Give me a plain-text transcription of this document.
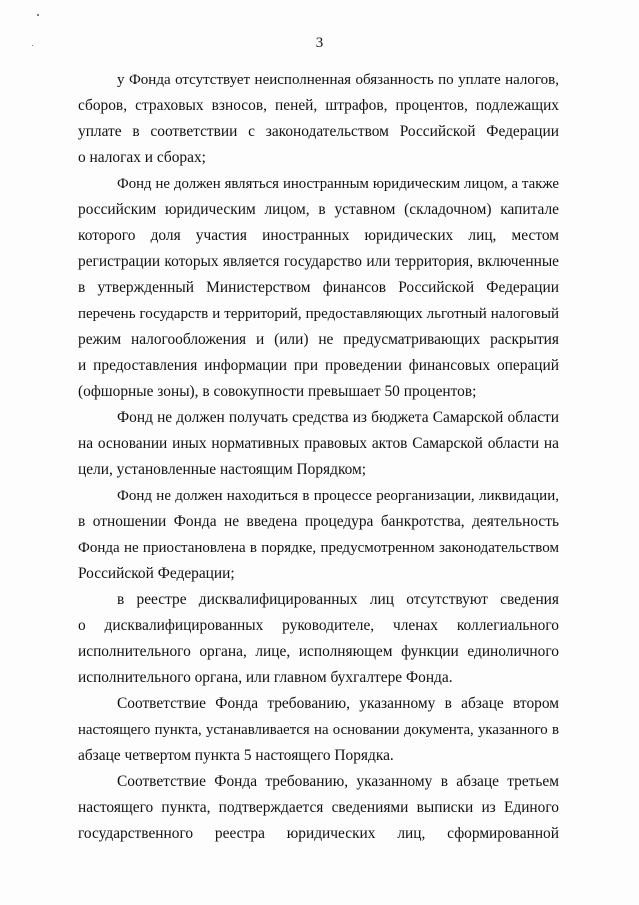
3
у Фонда отсутствует неисполненная обязанность по уплате налогов,
сборов, страховых взносов, пеней, штрафов, процентов, подлежащих
уплате в соответствии с законодательством Российской Федерации
о налогах и сборах;
Фонд не должен являться иностранным юридическим лицом, а также
российским юридическим лицом, в уставном (складочном) капитале
которого доля участия иностранных юридических лиц, местом
регистрации которых является государство или территория, включенные
в утвержденный Министерством финансов Российской Федерации
перечень государств и территорий, предоставляющих льготный налоговый
режим налогообложения и (или) не предусматривающих раскрытия
и предоставления информации при проведении финансовых операций
(офшорные зоны), в совокупности превышает 50 процентов;
Фонд не должен получать средства из бюджета Самарской области
на основании иных нормативных правовых актов Самарской области на
цели, установленные настоящим Порядком;
Фонд не должен находиться в процессе реорганизации, ликвидации,
в отношении Фонда не введена процедура банкротства, деятельность
Фонда не приостановлена в порядке, предусмотренном законодательством
Российской Федерации;
в реестре дисквалифицированных лиц отсутствуют сведения
о дисквалифицированных руководителе, членах коллегиального
исполнительного органа, лице, исполняющем функции единоличного
исполнительного органа, или главном бухгалтере Фонда.
Соответствие Фонда требованию, указанному в абзаце втором
настоящего пункта, устанавливается на основании документа, указанного в
абзаце четвертом пункта 5 настоящего Порядка.
Соответствие Фонда требованию, указанному в абзаце третьем
настоящего пункта, подтверждается сведениями выписки из Единого
государственного реестра юридических лиц, сформированной
